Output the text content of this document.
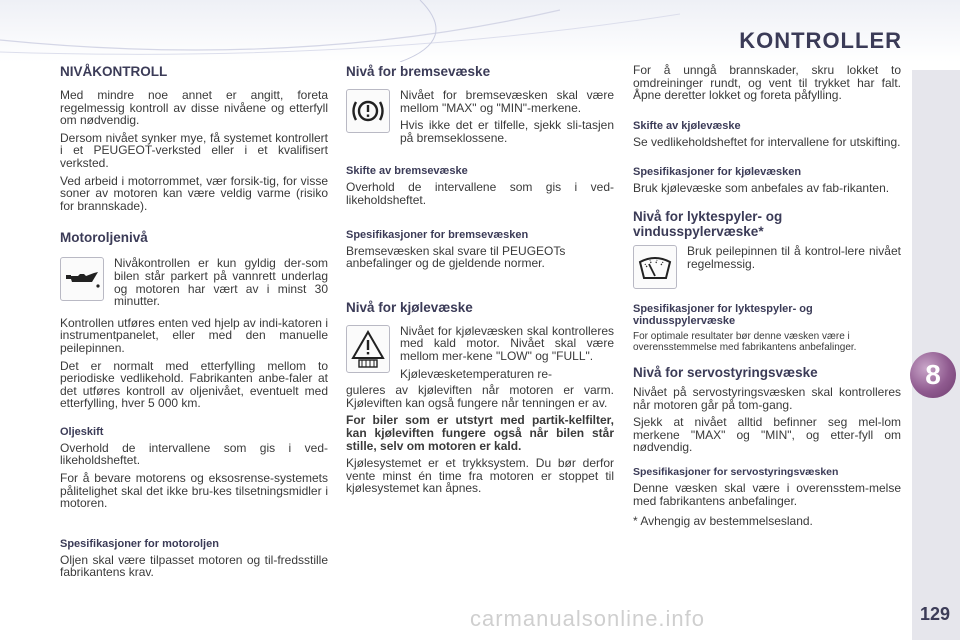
KONTROLLER
8
129
carmanualsonline.info
NIVÅKONTROLL

Med mindre noe annet er angitt, foreta regelmessig kontroll av disse nivåene og etterfyll om nødvendig.

Dersom nivået synker mye, få systemet kontrollert i et PEUGEOT-verksted eller i et kvalifisert verksted.

Ved arbeid i motorrommet, vær forsik-tig, for visse soner av motoren kan være veldig varme (risiko for brannskade).

Motoroljenivå

Nivåkontrollen er kun gyldig der-som bilen står parkert på vannrett underlag og motoren har vært av i minst 30 minutter.

Kontrollen utføres enten ved hjelp av indi-katoren i instrumentpanelet, eller med den manuelle peilepinnen.

Det er normalt med etterfylling mellom to periodiske vedlikehold. Fabrikanten anbe-faler at det utføres kontroll av oljenivået, eventuelt med etterfylling, hver 5 000 km.

Oljeskift

Overhold de intervallene som gis i ved-likeholdsheftet.

For å bevare motorens og eksosrense-systemets pålitelighet skal det ikke bru-kes tilsetningsmidler i motoren.

Spesifikasjoner for motoroljen

Oljen skal være tilpasset motoren og til-fredsstille fabrikantens krav.

Nivå for bremsevæske

Nivået for bremsevæsken skal være mellom "MAX" og "MIN"-merkene.

Hvis ikke det er tilfelle, sjekk sli-tasjen på bremseklossene.

Skifte av bremsevæske

Overhold de intervallene som gis i ved-likeholdsheftet.

Spesifikasjoner for bremsevæsken

Bremsevæsken skal svare til PEUGEOTs anbefalinger og de gjeldende normer.

Nivå for kjølevæske

Nivået for kjølevæsken skal kontrolleres med kald motor. Nivået skal være mellom mer-kene "LOW" og "FULL".

Kjølevæsketemperaturen re-

guleres av kjøleviften når motoren er varm. Kjøleviften kan også fungere når tenningen er av.

For biler som er utstyrt med partik-kelfilter, kan kjøleviften fungere også når bilen står stille, selv om motoren er kald.

Kjølesystemet er et trykksystem. Du bør derfor vente minst én time fra motoren er stoppet til kjølesystemet kan åpnes.

For å unngå brannskader, skru lokket to omdreininger rundt, og vent til trykket har falt. Åpne deretter lokket og foreta påfylling.

Skifte av kjølevæske

Se vedlikeholdsheftet for intervallene for utskifting.

Spesifikasjoner for kjølevæsken

Bruk kjølevæske som anbefales av fab-rikanten.

Nivå for lyktespyler- og vindusspylervæske*

Bruk peilepinnen til å kontrol-lere nivået regelmessig.

Spesifikasjoner for lyktespyler- og vindusspylervæske

For optimale resultater bør denne væsken være i overensstemmelse med fabrikantens anbefalinger.

Nivå for servostyringsvæske

Nivået på servostyringsvæsken skal kontrolleres når motoren går på tom-gang.

Sjekk at nivået alltid befinner seg mel-lom merkene "MAX" og "MIN", og etter-fyll om nødvendig.

Spesifikasjoner for servostyringsvæsken

Denne væsken skal være i overensstem-melse med fabrikantens anbefalinger.

* Avhengig av bestemmelsesland.
